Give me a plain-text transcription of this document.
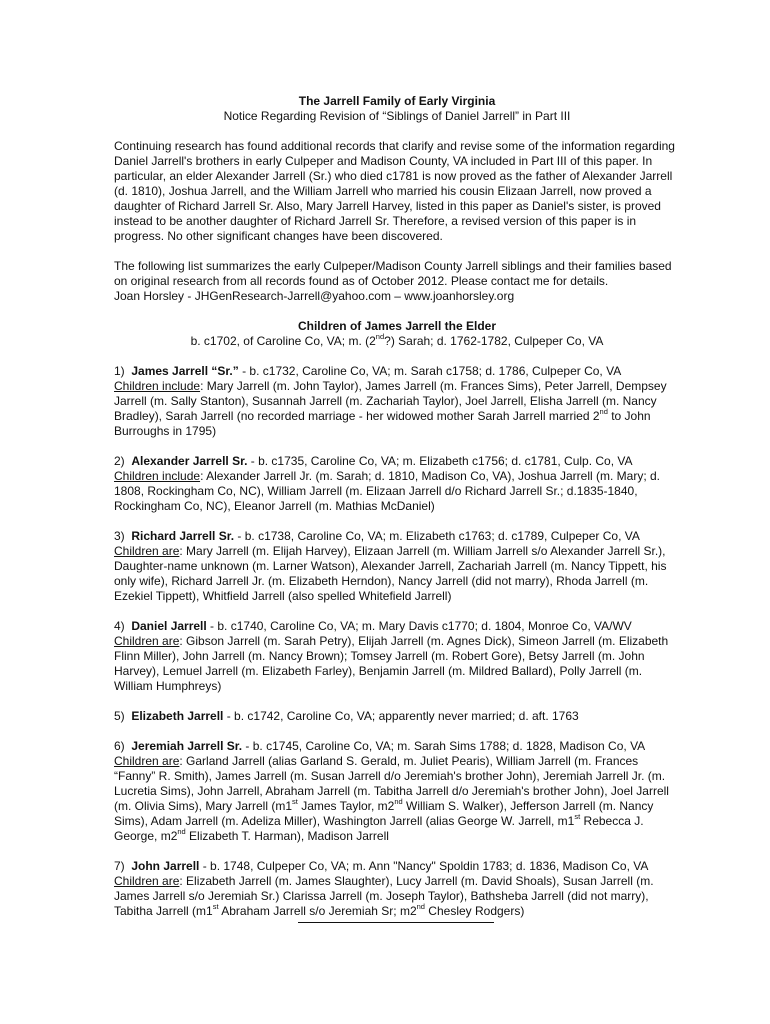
The Jarrell Family of Early Virginia
Notice Regarding Revision of “Siblings of Daniel Jarrell” in Part III
Continuing research has found additional records that clarify and revise some of the information regarding Daniel Jarrell's brothers in early Culpeper and Madison County, VA included in Part III of this paper. In particular, an elder Alexander Jarrell (Sr.) who died c1781 is now proved as the father of Alexander Jarrell (d. 1810), Joshua Jarrell, and the William Jarrell who married his cousin Elizaan Jarrell, now proved a daughter of Richard Jarrell Sr. Also, Mary Jarrell Harvey, listed in this paper as Daniel's sister, is proved instead to be another daughter of Richard Jarrell Sr. Therefore, a revised version of this paper is in progress. No other significant changes have been discovered.
The following list summarizes the early Culpeper/Madison County Jarrell siblings and their families based on original research from all records found as of October 2012. Please contact me for details.
Joan Horsley - JHGenResearch-Jarrell@yahoo.com – www.joanhorsley.org
Children of James Jarrell the Elder
b. c1702, of Caroline Co, VA; m. (2nd?) Sarah; d. 1762-1782, Culpeper Co, VA
1) James Jarrell “Sr.” - b. c1732, Caroline Co, VA; m. Sarah c1758; d. 1786, Culpeper Co, VA
Children include: Mary Jarrell (m. John Taylor), James Jarrell (m. Frances Sims), Peter Jarrell, Dempsey Jarrell (m. Sally Stanton), Susannah Jarrell (m. Zachariah Taylor), Joel Jarrell, Elisha Jarrell (m. Nancy Bradley), Sarah Jarrell (no recorded marriage - her widowed mother Sarah Jarrell married 2nd to John Burroughs in 1795)
2) Alexander Jarrell Sr. - b. c1735, Caroline Co, VA; m. Elizabeth c1756; d. c1781, Culp. Co, VA
Children include: Alexander Jarrell Jr. (m. Sarah; d. 1810, Madison Co, VA), Joshua Jarrell (m. Mary; d. 1808, Rockingham Co, NC), William Jarrell (m. Elizaan Jarrell d/o Richard Jarrell Sr.; d.1835-1840, Rockingham Co, NC), Eleanor Jarrell (m. Mathias McDaniel)
3) Richard Jarrell Sr. - b. c1738, Caroline Co, VA; m. Elizabeth c1763; d. c1789, Culpeper Co, VA
Children are: Mary Jarrell (m. Elijah Harvey), Elizaan Jarrell (m. William Jarrell s/o Alexander Jarrell Sr.), Daughter-name unknown (m. Larner Watson), Alexander Jarrell, Zachariah Jarrell (m. Nancy Tippett, his only wife), Richard Jarrell Jr. (m. Elizabeth Herndon), Nancy Jarrell (did not marry), Rhoda Jarrell (m. Ezekiel Tippett), Whitfield Jarrell (also spelled Whitefield Jarrell)
4) Daniel Jarrell - b. c1740, Caroline Co, VA; m. Mary Davis c1770; d. 1804, Monroe Co, VA/WV
Children are: Gibson Jarrell (m. Sarah Petry), Elijah Jarrell (m. Agnes Dick), Simeon Jarrell (m. Elizabeth Flinn Miller), John Jarrell (m. Nancy Brown); Tomsey Jarrell (m. Robert Gore), Betsy Jarrell (m. John Harvey), Lemuel Jarrell (m. Elizabeth Farley), Benjamin Jarrell (m. Mildred Ballard), Polly Jarrell (m. William Humphreys)
5) Elizabeth Jarrell - b. c1742, Caroline Co, VA; apparently never married; d. aft. 1763
6) Jeremiah Jarrell Sr. - b. c1745, Caroline Co, VA; m. Sarah Sims 1788; d. 1828, Madison Co, VA
Children are: Garland Jarrell (alias Garland S. Gerald, m. Juliet Pearis), William Jarrell (m. Frances “Fanny” R. Smith), James Jarrell (m. Susan Jarrell d/o Jeremiah's brother John), Jeremiah Jarrell Jr. (m. Lucretia Sims), John Jarrell, Abraham Jarrell (m. Tabitha Jarrell d/o Jeremiah's brother John), Joel Jarrell (m. Olivia Sims), Mary Jarrell (m1st James Taylor, m2nd William S. Walker), Jefferson Jarrell (m. Nancy Sims), Adam Jarrell (m. Adeliza Miller), Washington Jarrell (alias George W. Jarrell, m1st Rebecca J. George, m2nd Elizabeth T. Harman), Madison Jarrell
7) John Jarrell - b. 1748, Culpeper Co, VA; m. Ann "Nancy" Spoldin 1783; d. 1836, Madison Co, VA
Children are: Elizabeth Jarrell (m. James Slaughter), Lucy Jarrell (m. David Shoals), Susan Jarrell (m. James Jarrell s/o Jeremiah Sr.) Clarissa Jarrell (m. Joseph Taylor), Bathsheba Jarrell (did not marry), Tabitha Jarrell (m1st Abraham Jarrell s/o Jeremiah Sr; m2nd Chesley Rodgers)
